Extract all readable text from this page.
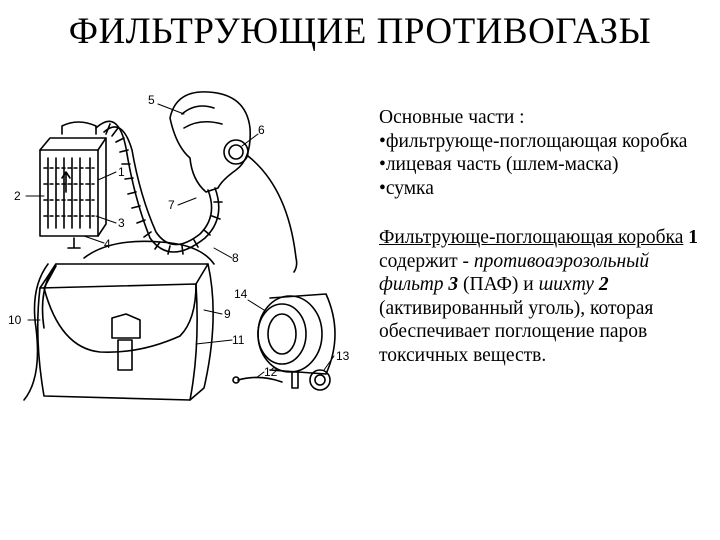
ФИЛЬТРУЮЩИЕ ПРОТИВОГАЗЫ
1
2
3
4
5
6
7
8
9
10
11
12
13
14

Основные части :

•фильтрующе-поглощающая коробка

•лицевая часть (шлем-маска)

•сумка

Фильтрующе-поглощающая коробка 1 содержит - противоаэрозольный фильтр 3 (ПАФ) и шихту 2 (активированный уголь), которая обеспечивает поглощение паров токсичных веществ.
